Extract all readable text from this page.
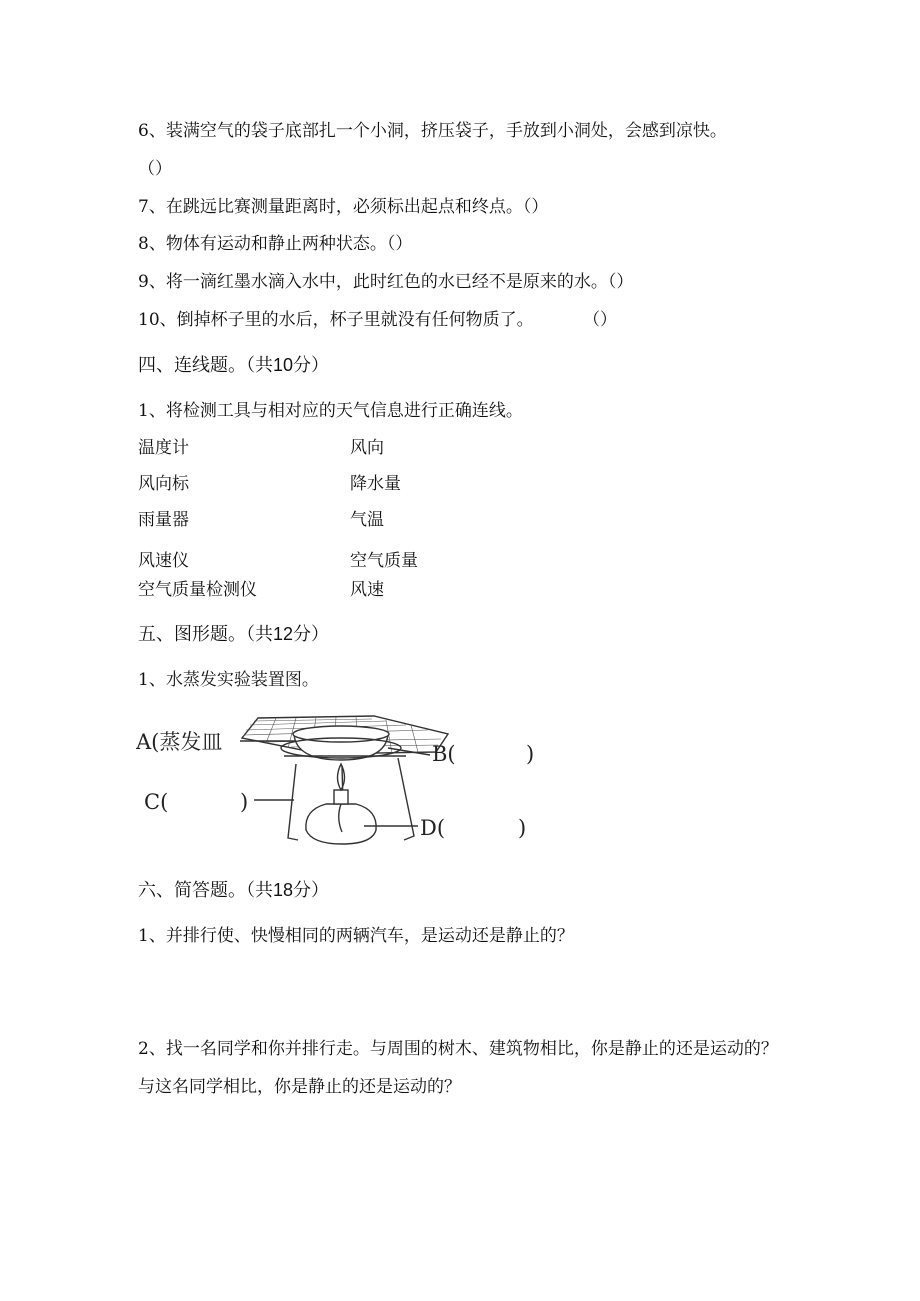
6、装满空气的袋子底部扎一个小洞，挤压袋子，手放到小洞处，会感到凉快。
（）
7、在跳远比赛测量距离时，必须标出起点和终点。（）
8、物体有运动和静止两种状态。（）
9、将一滴红墨水滴入水中，此时红色的水已经不是原来的水。（）
10、倒掉杯子里的水后，杯子里就没有任何物质了。	（）
四、连线题。（共10分）
1、将检测工具与相对应的天气信息进行正确连线。
温度计	风向
风向标	降水量
雨量器	气温
风速仪	空气质量
空气质量检测仪	风速
五、图形题。（共12分）
1、水蒸发实验装置图。
A(蒸发皿	B(	)
C(	)
D(	)
六、简答题。（共18分）
1、并排行使、快慢相同的两辆汽车，是运动还是静止的？
2、找一名同学和你并排行走。与周围的树木、建筑物相比，你是静止的还是运动的？与这名同学相比，你是静止的还是运动的？
